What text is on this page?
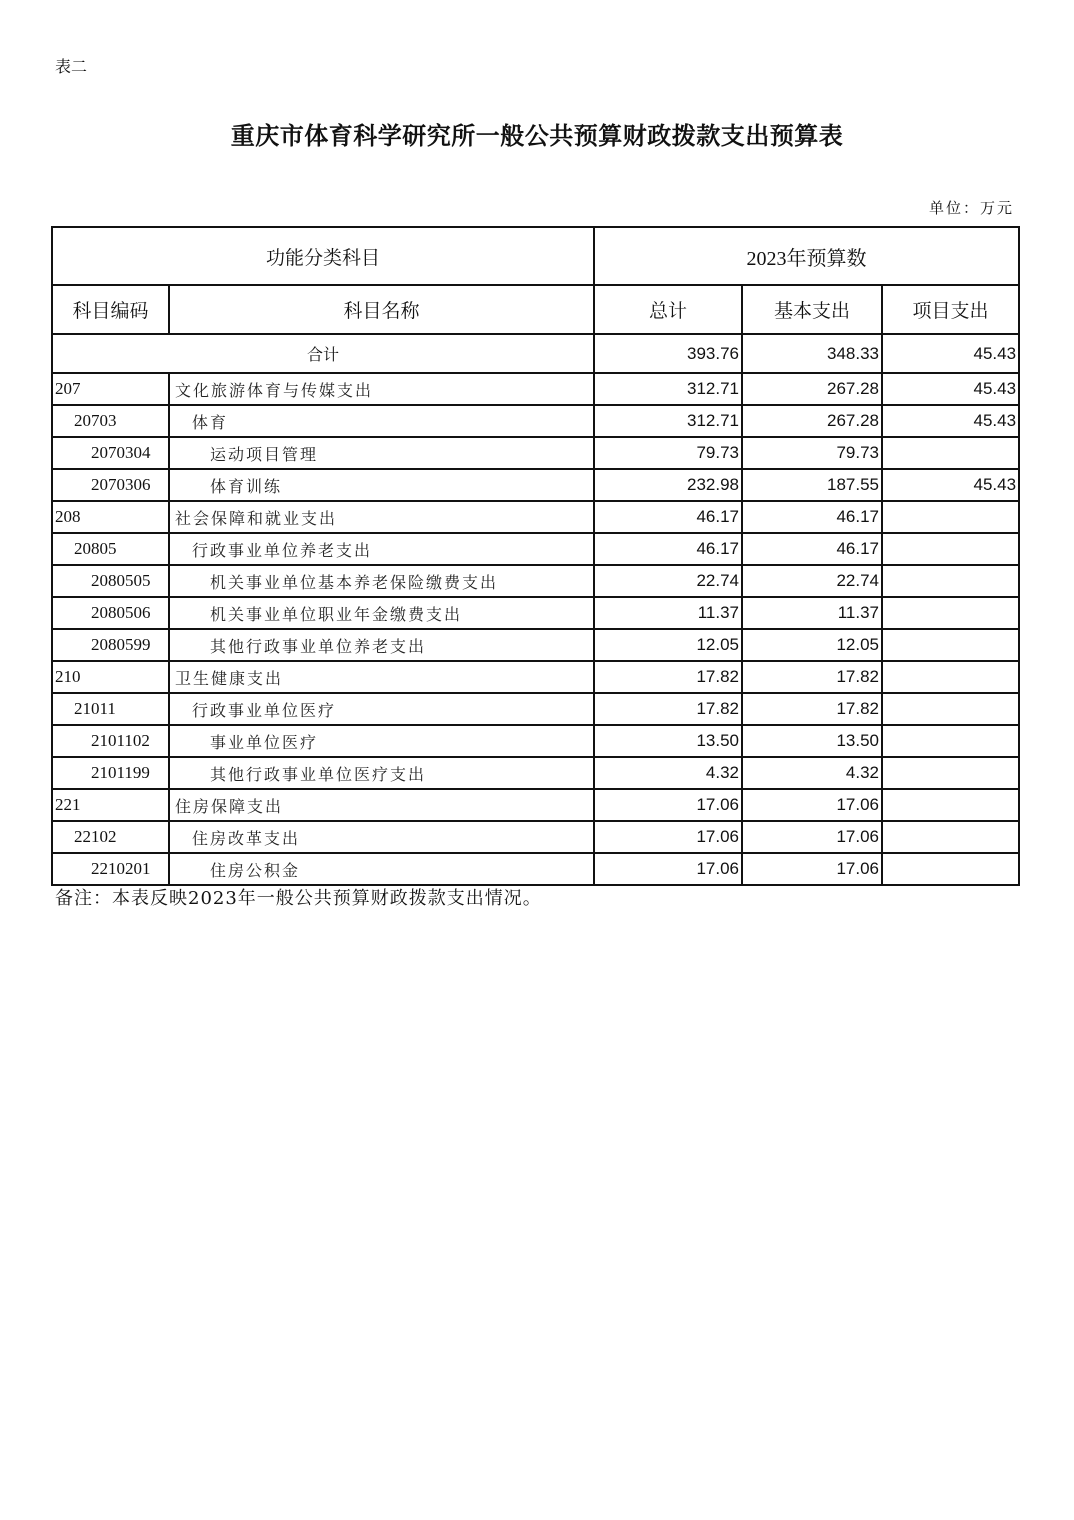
表二
重庆市体育科学研究所一般公共预算财政拨款支出预算表
单位：万元
功能分类科目		2023年预算数		
科目编码	科目名称	总计	基本支出	项目支出
合计		393.76	348.33	45.43
207	文化旅游体育与传媒支出	312.71	267.28	45.43
20703	体育	312.71	267.28	45.43
2070304	运动项目管理	79.73	79.73	
2070306	体育训练	232.98	187.55	45.43
208	社会保障和就业支出	46.17	46.17	
20805	行政事业单位养老支出	46.17	46.17	
2080505	机关事业单位基本养老保险缴费支出	22.74	22.74	
2080506	机关事业单位职业年金缴费支出	11.37	11.37	
2080599	其他行政事业单位养老支出	12.05	12.05	
210	卫生健康支出	17.82	17.82	
21011	行政事业单位医疗	17.82	17.82	
2101102	事业单位医疗	13.50	13.50	
2101199	其他行政事业单位医疗支出	4.32	4.32	
221	住房保障支出	17.06	17.06	
22102	住房改革支出	17.06	17.06	
2210201	住房公积金	17.06	17.06	
备注：本表反映2023年一般公共预算财政拨款支出情况。
